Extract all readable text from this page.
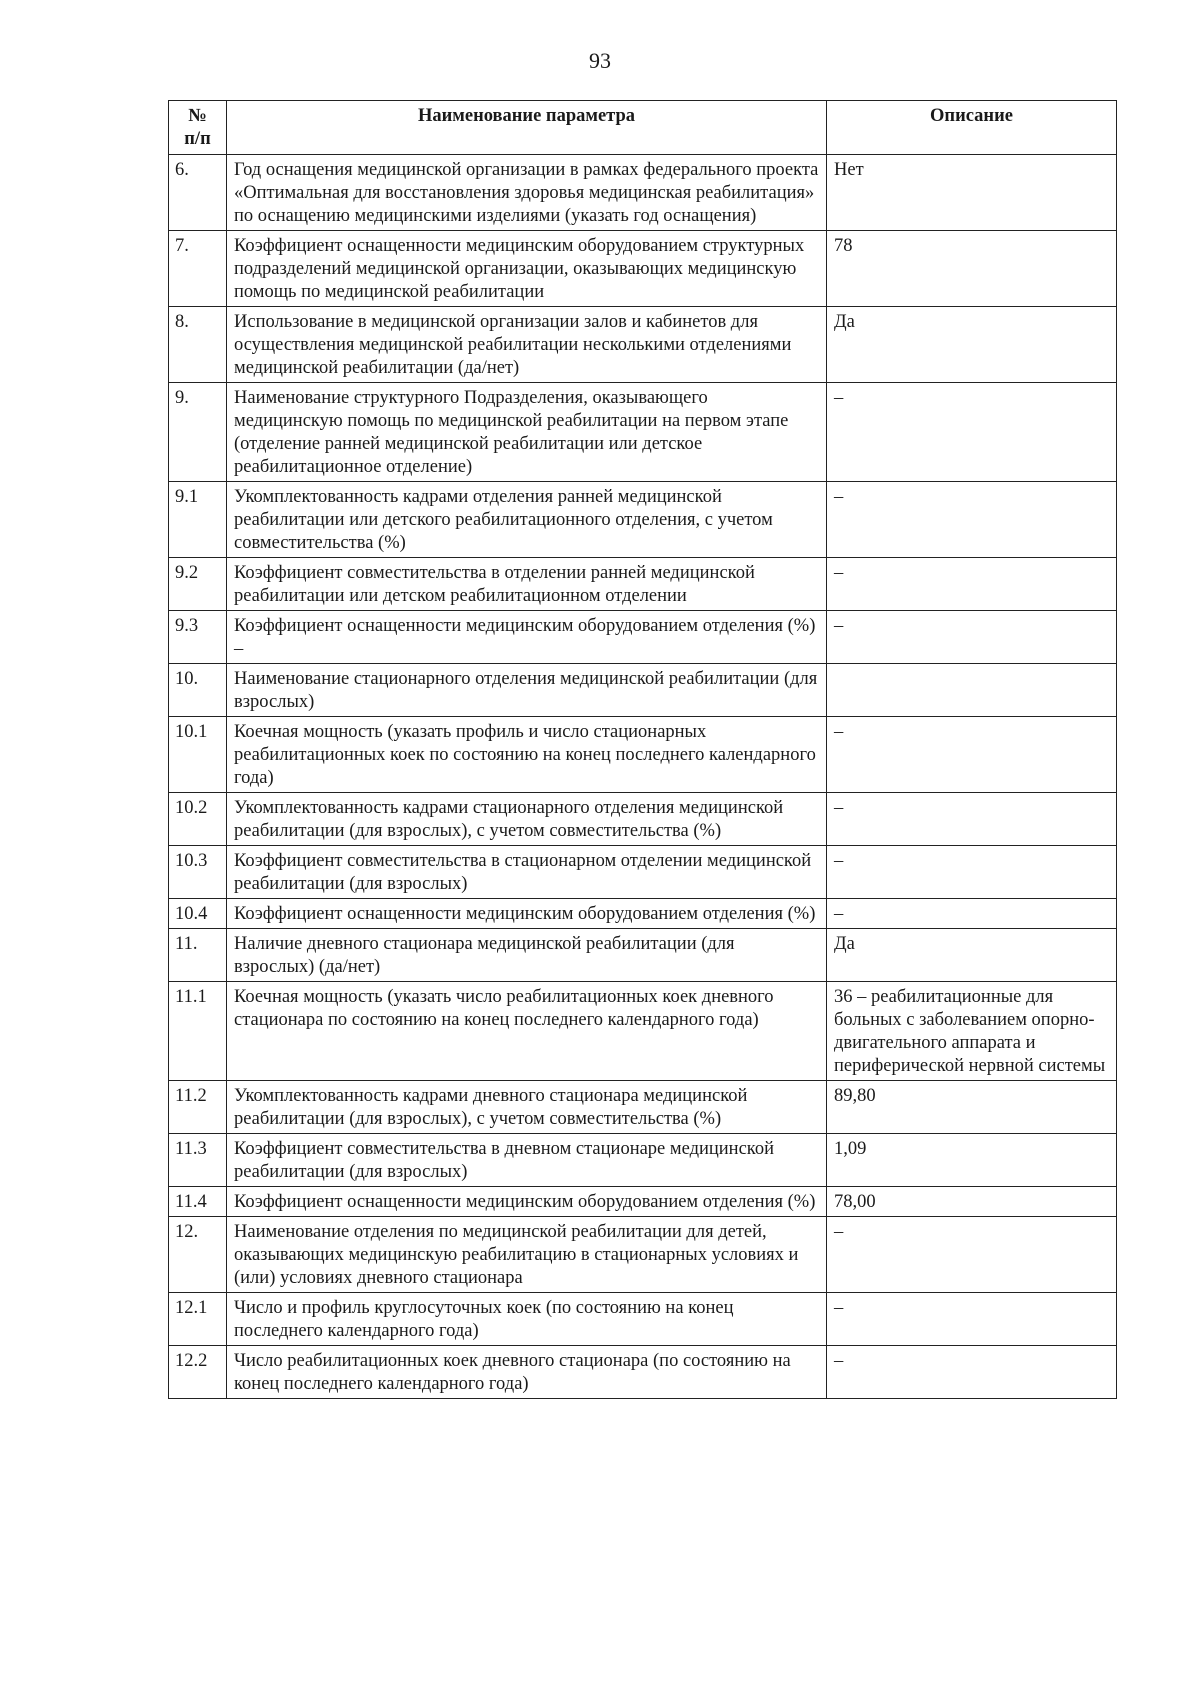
93
№
п/п	Наименование параметра	Описание
6.	Год оснащения медицинской организации в рамках федерального проекта «Оптимальная для восстановления здоровья медицинская реабилитация» по оснащению медицинскими изделиями (указать год оснащения)	Нет
7.	Коэффициент оснащенности медицинским оборудованием структурных подразделений медицинской организации, оказывающих медицинскую помощь по медицинской реабилитации	78
8.	Использование в медицинской организации залов и кабинетов для осуществления медицинской реабилитации несколькими отделениями медицинской реабилитации (да/нет)	Да
9.	Наименование структурного Подразделения, оказывающего медицинскую помощь по медицинской реабилитации на первом этапе (отделение ранней медицинской реабилитации или детское реабилитационное отделение)	–
9.1	Укомплектованность кадрами отделения ранней медицинской реабилитации или детского реабилитационного отделения, с учетом совместительства (%)	–
9.2	Коэффициент совместительства в отделении ранней медицинской реабилитации или детском реабилитационном отделении	–
9.3	Коэффициент оснащенности медицинским оборудованием отделения (%) –	–
10.	Наименование стационарного отделения медицинской реабилитации (для взрослых)	
10.1	Коечная мощность (указать профиль и число стационарных реабилитационных коек по состоянию на конец последнего календарного года)	–
10.2	Укомплектованность кадрами стационарного отделения медицинской реабилитации (для взрослых), с учетом совместительства (%)	–
10.3	Коэффициент совместительства в стационарном отделении медицинской реабилитации (для взрослых)	–
10.4	Коэффициент оснащенности медицинским оборудованием отделения (%)	–
11.	Наличие дневного стационара медицинской реабилитации (для взрослых) (да/нет)	Да
11.1	Коечная мощность (указать число реабилитационных коек дневного стационара по состоянию на конец последнего календарного года)	36 – реабилитационные для больных с заболеванием опорно-двигательного аппарата и периферической нервной системы
11.2	Укомплектованность кадрами дневного стационара медицинской реабилитации (для взрослых), с учетом совместительства (%)	89,80
11.3	Коэффициент совместительства в дневном стационаре медицинской реабилитации (для взрослых)	1,09
11.4	Коэффициент оснащенности медицинским оборудованием отделения (%)	78,00
12.	Наименование отделения по медицинской реабилитации для детей, оказывающих медицинскую реабилитацию в стационарных условиях и (или) условиях дневного стационара	–
12.1	Число и профиль круглосуточных коек (по состоянию на конец последнего календарного года)	–
12.2	Число реабилитационных коек дневного стационара (по состоянию на конец последнего календарного года)	–
